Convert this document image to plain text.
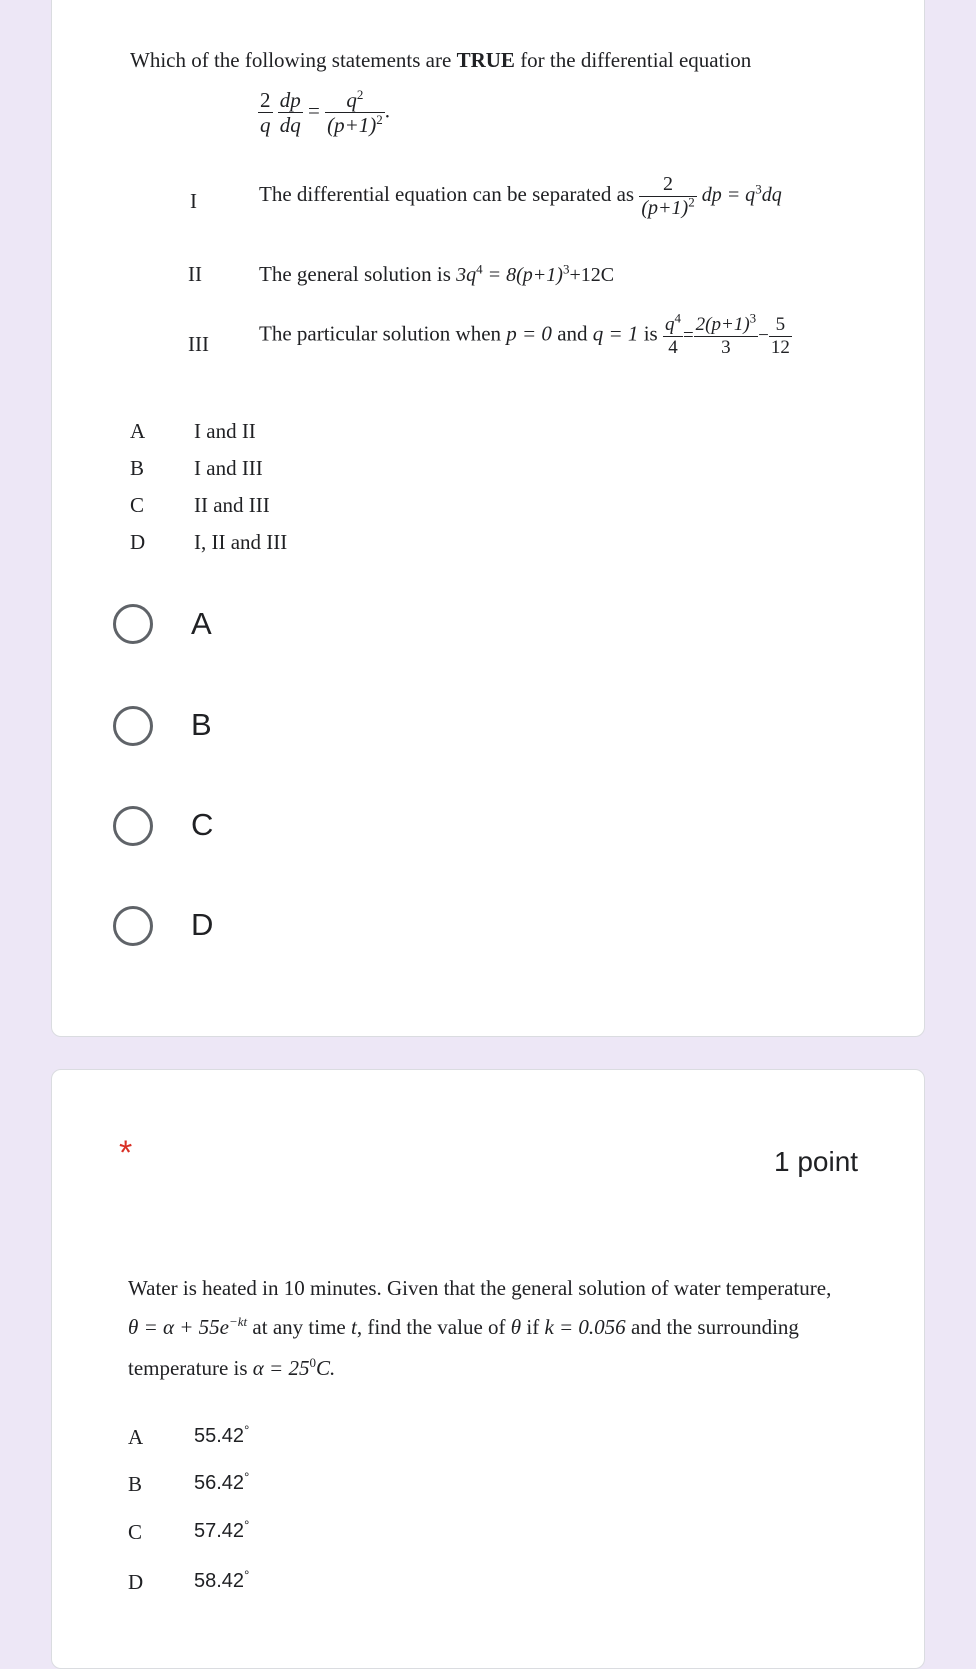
Which of the following statements are TRUE for the differential equation
$\frac{2}{q}$
$\frac{dp}{dq} = \frac{q^2}{(p+1)^2}$ .
I	The differential equation can be separated as $\frac{2}{(p+1)^2}$ dp = $q^3dq$
II	The general solution is $3q^4 = 8(p+1)^3+12C$
III The particular solution when p = 0 and q = 1 is $\frac{q^4}{4} = \frac{2(p+1)^3}{3} - \frac{5}{12}$
A I and II
B I and III
C II and III
D I, II and III
A
B
C
D
*	1 point
Water is heated in 10 minutes. Given that the general solution of water temperature,
$\theta = \alpha + 55e^{-kt}$ at any time t, find the value of θ if k = 0.056 and the surrounding
temperature is $\alpha = 25^0C$.
A	55.42°
B	56.42°
C	57.42°
D	58.42°
